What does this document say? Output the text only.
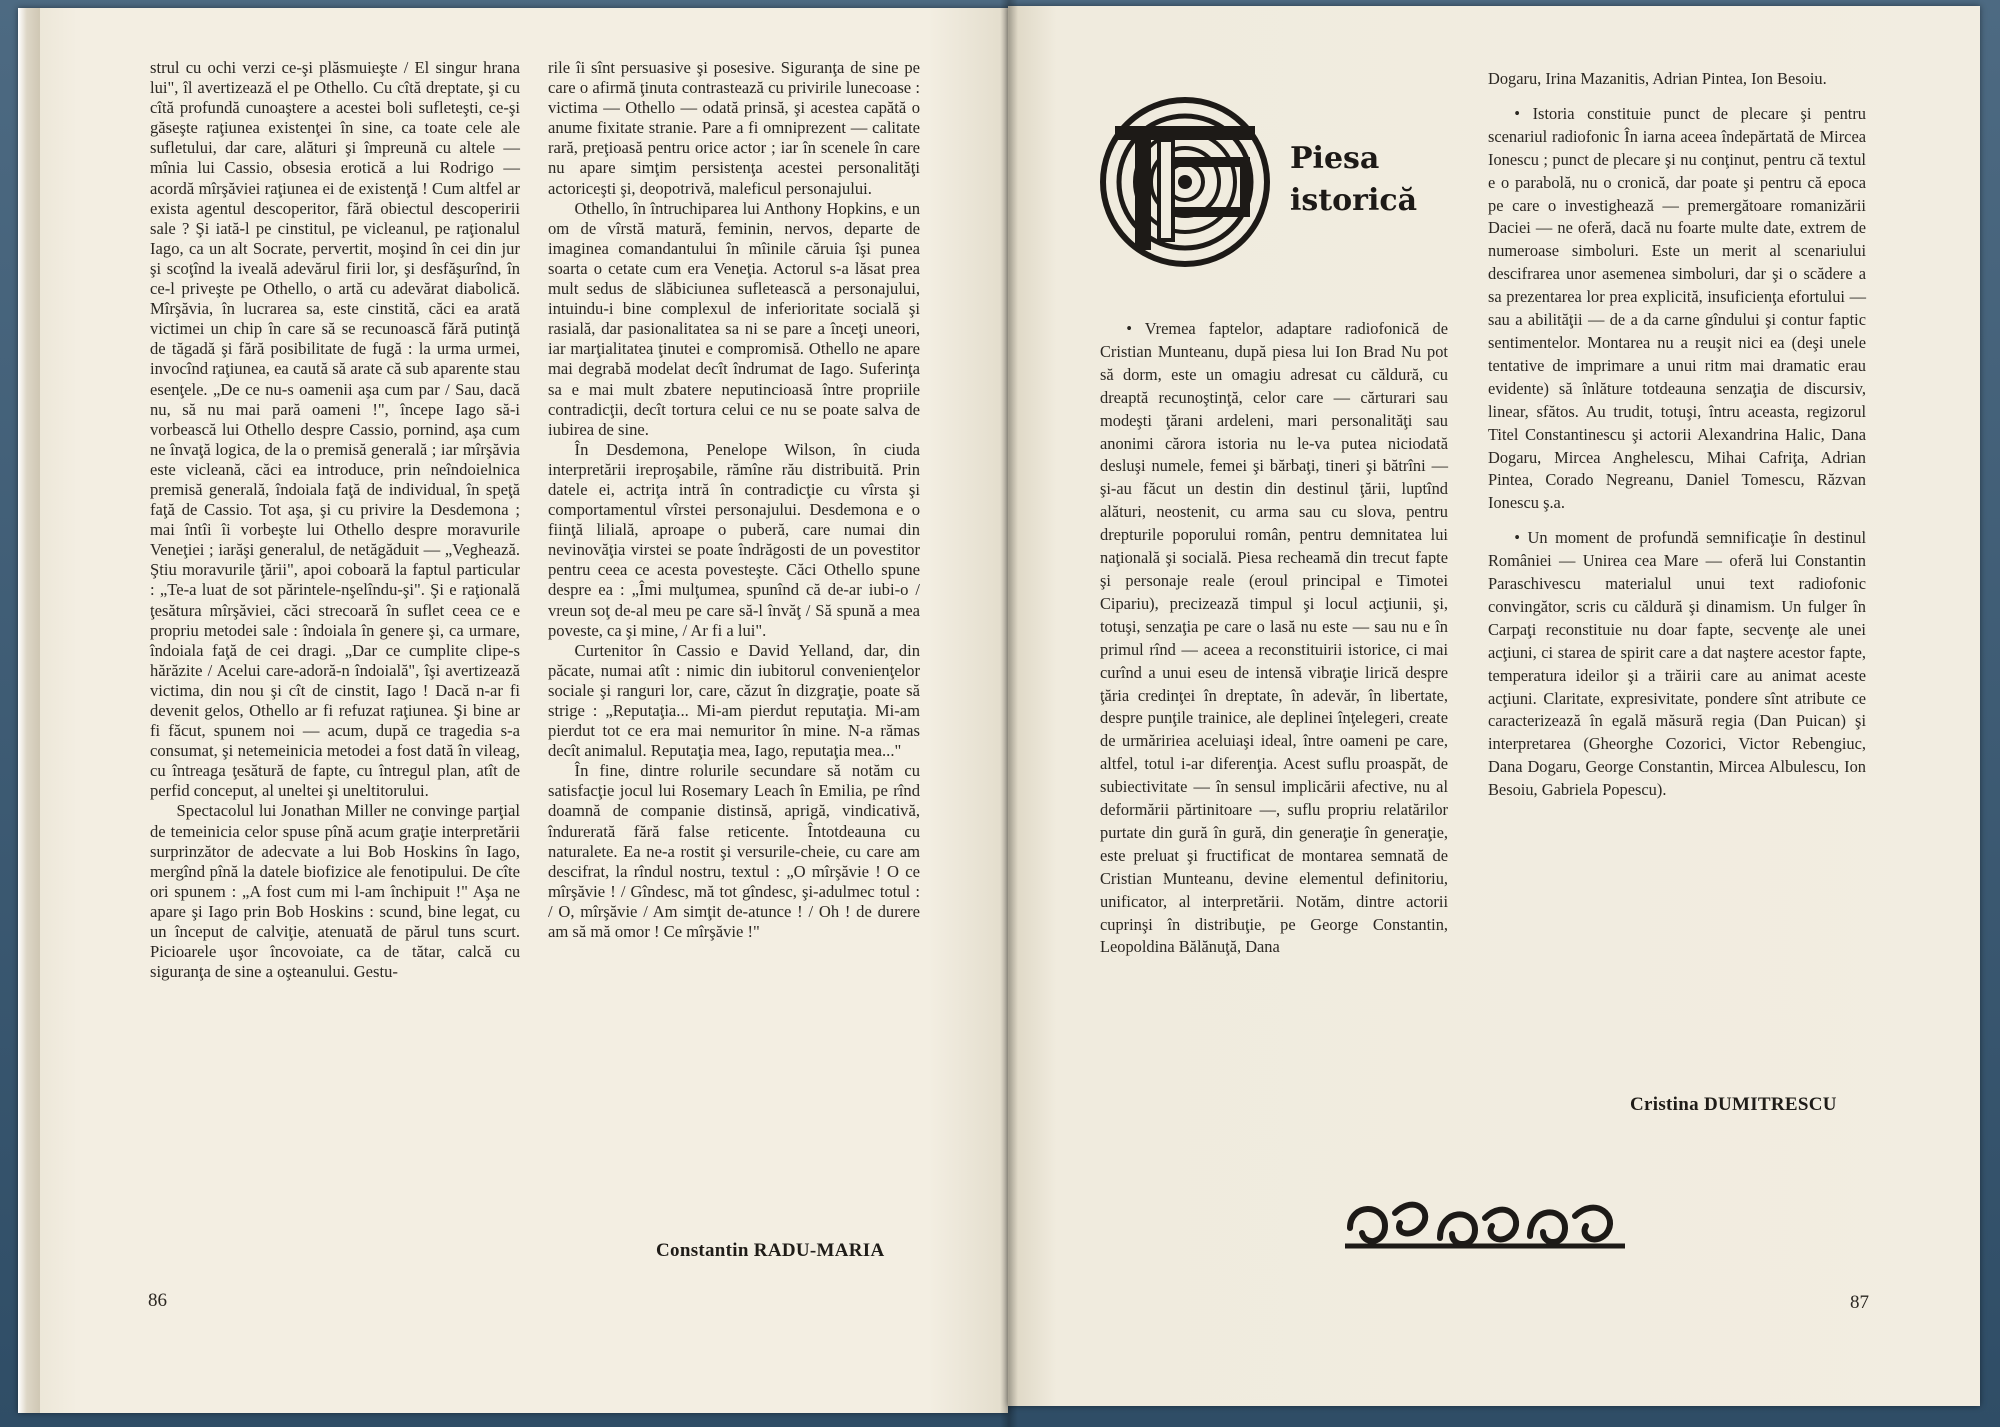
strul cu ochi verzi ce-şi plăsmuieşte / El singur hrana lui", îl avertizează el pe Othello. Cu cîtă dreptate, şi cu cîtă profundă cunoaştere a acestei boli sufleteşti, ce-şi găseşte raţiunea existenţei în sine, ca toate cele ale sufletului, dar care, alături şi împreună cu altele — mînia lui Cassio, obsesia erotică a lui Rodrigo — acordă mîrşăviei raţiunea ei de existenţă ! Cum altfel ar exista agentul descoperitor, fără obiectul descoperirii sale ? Şi iată-l pe cinstitul, pe vicleanul, pe raţionalul Iago, ca un alt Socrate, pervertit, moşind în cei din jur şi scoţînd la iveală adevărul firii lor, şi desfăşurînd, în ce-l priveşte pe Othello, o artă cu adevărat diabolică. Mîrşăvia, în lucrarea sa, este cinstită, căci ea arată victimei un chip în care să se recunoască fără putinţă de tăgadă şi fără posibilitate de fugă : la urma urmei, invocînd raţiunea, ea caută să arate că sub aparente stau esenţele. „De ce nu-s oamenii aşa cum par / Sau, dacă nu, să nu mai pară oameni !", începe Iago să-i vorbească lui Othello despre Cassio, pornind, aşa cum ne învaţă logica, de la o premisă generală ; iar mîrşăvia este vicleană, căci ea introduce, prin neîndoielnica premisă generală, îndoiala faţă de individual, în speţă faţă de Cassio. Tot aşa, şi cu privire la Desdemona ; mai întîi îi vorbeşte lui Othello despre moravurile Veneţiei ; iarăşi generalul, de netăgăduit — „Veghează. Ştiu moravurile ţării", apoi coboară la faptul particular : „Te-a luat de sot părintele-nşelîndu-şi". Şi e raţională ţesătura mîrşăviei, căci strecoară în suflet ceea ce e propriu metodei sale : îndoiala în genere şi, ca urmare, îndoiala faţă de cei dragi. „Dar ce cumplite clipe-s hărăzite / Acelui care-adoră-n îndoială", îşi avertizează victima, din nou şi cît de cinstit, Iago ! Dacă n-ar fi devenit gelos, Othello ar fi refuzat raţiunea. Şi bine ar fi făcut, spunem noi — acum, după ce tragedia s-a consumat, şi netemeinicia metodei a fost dată în vileag, cu întreaga ţesătură de fapte, cu întregul plan, atît de perfid conceput, al uneltei şi uneltitorului.

Spectacolul lui Jonathan Miller ne convinge parţial de temeinicia celor spuse pînă acum graţie interpretării surprinzător de adecvate a lui Bob Hoskins în Iago, mergînd pînă la datele biofizice ale fenotipului. De cîte ori spunem : „A fost cum mi l-am închipuit !" Aşa ne apare şi Iago prin Bob Hoskins : scund, bine legat, cu un început de calviţie, atenuată de părul tuns scurt. Picioarele uşor încovoiate, ca de tătar, calcă cu siguranţa de sine a oşteanului. Gestu-

rile îi sînt persuasive şi posesive. Siguranţa de sine pe care o afirmă ţinuta contrastează cu privirile lunecoase : victima — Othello — odată prinsă, şi acestea capătă o anume fixitate stranie. Pare a fi omniprezent — calitate rară, preţioasă pentru orice actor ; iar în scenele în care nu apare simţim persistenţa acestei personalităţi actoriceşti şi, deopotrivă, maleficul personajului.

Othello, în întruchiparea lui Anthony Hopkins, e un om de vîrstă matură, feminin, nervos, departe de imaginea comandantului în mîinile căruia îşi punea soarta o cetate cum era Veneţia. Actorul s-a lăsat prea mult sedus de slăbiciunea sufletească a personajului, intuindu-i bine complexul de inferioritate socială şi rasială, dar pasionalitatea sa ni se pare a înceţi uneori, iar marţialitatea ţinutei e compromisă. Othello ne apare mai degrabă modelat decît îndrumat de Iago. Suferinţa sa e mai mult zbatere neputincioasă între propriile contradicţii, decît tortura celui ce nu se poate salva de iubirea de sine.

În Desdemona, Penelope Wilson, în ciuda interpretării ireproşabile, rămîne rău distribuită. Prin datele ei, actriţa intră în contradicţie cu vîrsta şi comportamentul vîrstei personajului. Desdemona e o fiinţă lilială, aproape o puberă, care numai din nevinovăţia virstei se poate îndrăgosti de un povestitor pentru ceea ce acesta povesteşte. Căci Othello spune despre ea : „Îmi mulţumea, spunînd că de-ar iubi-o / vreun soţ de-al meu pe care să-l învăţ / Să spună a mea poveste, ca şi mine, / Ar fi a lui".

Curtenitor în Cassio e David Yelland, dar, din păcate, numai atît : nimic din iubitorul convenienţelor sociale şi ranguri lor, care, căzut în dizgraţie, poate să strige : „Reputaţia... Mi-am pierdut reputaţia. Mi-am pierdut tot ce era mai nemuritor în mine. N-a rămas decît animalul. Reputaţia mea, Iago, reputaţia mea..."

În fine, dintre rolurile secundare să notăm cu satisfacţie jocul lui Rosemary Leach în Emilia, pe rînd doamnă de companie distinsă, aprigă, vindicativă, îndurerată fără false reticente. Întotdeauna cu naturalete. Ea ne-a rostit şi versurile-cheie, cu care am descifrat, la rîndul nostru, textul : „O mîrşăvie ! O ce mîrşăvie ! / Gîndesc, mă tot gîndesc, şi-adulmec totul : / O, mîrşăvie / Am simţit de-atunce ! / Oh ! de durere am să mă omor ! Ce mîrşăvie !"

Constantin RADU-MARIA
86
Piesa
istorică

• Vremea faptelor, adaptare radiofonică de Cristian Munteanu, după piesa lui Ion Brad Nu pot să dorm, este un omagiu adresat cu căldură, cu dreaptă recunoştinţă, celor care — cărturari sau modeşti ţărani ardeleni, mari personalităţi sau anonimi cărora istoria nu le-va putea niciodată desluşi numele, femei şi bărbaţi, tineri şi bătrîni — şi-au făcut un destin din destinul ţării, luptînd alături, neostenit, cu arma sau cu slova, pentru drepturile poporului român, pentru demnitatea lui naţională şi socială. Piesa recheamă din trecut fapte şi personaje reale (eroul principal e Timotei Cipariu), precizează timpul şi locul acţiunii, şi, totuşi, senzaţia pe care o lasă nu este — sau nu e în primul rînd — aceea a reconstituirii istorice, ci mai curînd a unui eseu de intensă vibraţie lirică despre ţăria credinţei în dreptate, în adevăr, în libertate, despre punţile trainice, ale deplinei înţelegeri, create de urmăririea aceluiaşi ideal, între oameni pe care, altfel, totul i-ar diferenţia. Acest suflu proaspăt, de subiectivitate — în sensul implicării afective, nu al deformării părtinitoare —, suflu propriu relatărilor purtate din gură în gură, din generaţie în generaţie, este preluat şi fructificat de montarea semnată de Cristian Munteanu, devine elementul definitoriu, unificator, al interpretării. Notăm, dintre actorii cuprinşi în distribuţie, pe George Constantin, Leopoldina Bălănuţă, Dana

Dogaru, Irina Mazanitis, Adrian Pintea, Ion Besoiu.

• Istoria constituie punct de plecare şi pentru scenariul radiofonic În iarna aceea îndepărtată de Mircea Ionescu ; punct de plecare şi nu conţinut, pentru că textul e o parabolă, nu o cronică, dar poate şi pentru că epoca pe care o investighează — premergătoare romanizării Daciei — ne oferă, dacă nu foarte multe date, extrem de numeroase simboluri. Este un merit al scenariului descifrarea unor asemenea simboluri, dar şi o scădere a sa prezentarea lor prea explicită, insuficienţa efortului — sau a abilităţii — de a da carne gîndului şi contur faptic sentimentelor. Montarea nu a reuşit nici ea (deşi unele tentative de imprimare a unui ritm mai dramatic erau evidente) să înlăture totdeauna senzaţia de discursiv, linear, sfătos. Au trudit, totuşi, întru aceasta, regizorul Titel Constantinescu şi actorii Alexandrina Halic, Dana Dogaru, Mircea Anghelescu, Mihai Cafriţa, Adrian Pintea, Corado Negreanu, Daniel Tomescu, Răzvan Ionescu ş.a.

• Un moment de profundă semnificaţie în destinul României — Unirea cea Mare — oferă lui Constantin Paraschivescu materialul unui text radiofonic convingător, scris cu căldură şi dinamism. Un fulger în Carpaţi reconstituie nu doar fapte, secvenţe ale unei acţiuni, ci starea de spirit care a dat naştere acestor fapte, temperatura ideilor şi a trăirii care au animat aceste acţiuni. Claritate, expresivitate, pondere sînt atribute ce caracterizează în egală măsură regia (Dan Puican) şi interpretarea (Gheorghe Cozorici, Victor Rebengiuc, Dana Dogaru, George Constantin, Mircea Albulescu, Ion Besoiu, Gabriela Popescu).

Cristina DUMITRESCU
87
